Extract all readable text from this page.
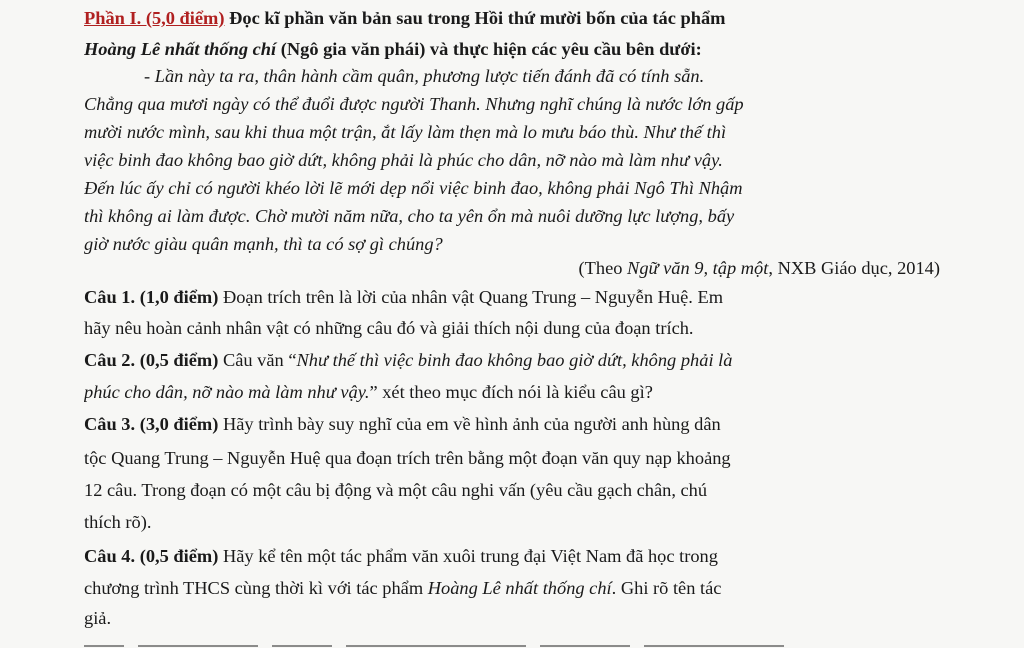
Phần I. (5,0 điểm) Đọc kĩ phần văn bản sau trong Hồi thứ mười bốn của tác phẩm
Hoàng Lê nhất thống chí (Ngô gia văn phái) và thực hiện các yêu cầu bên dưới:
- Lần này ta ra, thân hành cầm quân, phương lược tiến đánh đã có tính sẵn.
Chẳng qua mươi ngày có thể đuổi được người Thanh. Nhưng nghĩ chúng là nước lớn gấp
mười nước mình, sau khi thua một trận, ắt lấy làm thẹn mà lo mưu báo thù. Như thế thì
việc binh đao không bao giờ dứt, không phải là phúc cho dân, nỡ nào mà làm như vậy.
Đến lúc ấy chỉ có người khéo lời lẽ mới dẹp nổi việc binh đao, không phải Ngô Thì Nhậm
thì không ai làm được. Chờ mười năm nữa, cho ta yên ổn mà nuôi dưỡng lực lượng, bấy
giờ nước giàu quân mạnh, thì ta có sợ gì chúng?
(Theo Ngữ văn 9, tập một, NXB Giáo dục, 2014)
Câu 1. (1,0 điểm) Đoạn trích trên là lời của nhân vật Quang Trung – Nguyễn Huệ. Em
hãy nêu hoàn cảnh nhân vật có những câu đó và giải thích nội dung của đoạn trích.
Câu 2. (0,5 điểm) Câu văn “Như thế thì việc binh đao không bao giờ dứt, không phải là
phúc cho dân, nỡ nào mà làm như vậy.” xét theo mục đích nói là kiểu câu gì?
Câu 3. (3,0 điểm) Hãy trình bày suy nghĩ của em về hình ảnh của người anh hùng dân
tộc Quang Trung – Nguyễn Huệ qua đoạn trích trên bằng một đoạn văn quy nạp khoảng
12 câu. Trong đoạn có một câu bị động và một câu nghi vấn (yêu cầu gạch chân, chú
thích rõ).
Câu 4. (0,5 điểm) Hãy kể tên một tác phẩm văn xuôi trung đại Việt Nam đã học trong
chương trình THCS cùng thời kì với tác phẩm Hoàng Lê nhất thống chí. Ghi rõ tên tác
giả.
